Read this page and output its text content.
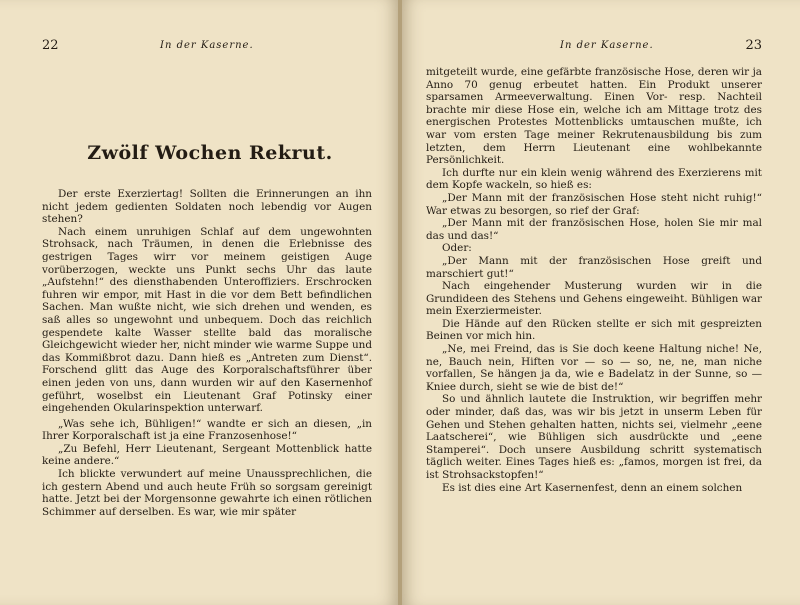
22	In der Kaserne.
Zwölf Wochen Rekrut.

Der erste Exerziertag! Sollten die Erinnerungen an ihn nicht jedem gedienten Soldaten noch lebendig vor Augen stehen?

Nach einem unruhigen Schlaf auf dem ungewohnten Strohsack, nach Träumen, in denen die Erlebnisse des gestrigen Tages wirr vor meinem geistigen Auge vorüberzogen, weckte uns Punkt sechs Uhr das laute „Aufstehn!“ des diensthabenden Unteroffiziers. Erschrocken fuhren wir empor, mit Hast in die vor dem Bett befindlichen Sachen. Man wußte nicht, wie sich drehen und wenden, es saß alles so ungewohnt und unbequem. Doch das reichlich gespendete kalte Wasser stellte bald das moralische Gleichgewicht wieder her, nicht minder wie warme Suppe und das Kommißbrot dazu. Dann hieß es „Antreten zum Dienst“. Forschend glitt das Auge des Korporalschaftsführer über einen jeden von uns, dann wurden wir auf den Kasernenhof geführt, woselbst ein Lieutenant Graf Potinsky einer eingehenden Okularinspektion unterwarf.

„Was sehe ich, Bühligen!“ wandte er sich an diesen, „in Ihrer Korporalschaft ist ja eine Franzosenhose!“

„Zu Befehl, Herr Lieutenant, Sergeant Mottenblick hatte keine andere.“

Ich blickte verwundert auf meine Unaussprechlichen, die ich gestern Abend und auch heute Früh so sorgsam gereinigt hatte. Jetzt bei der Morgensonne gewahrte ich einen rötlichen Schimmer auf derselben. Es war, wie mir später

In der Kaserne.	23

mitgeteilt wurde, eine gefärbte französische Hose, deren wir ja Anno 70 genug erbeutet hatten. Ein Produkt unserer sparsamen Armeeverwaltung. Einen Vor- resp. Nachteil brachte mir diese Hose ein, welche ich am Mittage trotz des energischen Protestes Mottenblicks umtauschen mußte, ich war vom ersten Tage meiner Rekrutenausbildung bis zum letzten, dem Herrn Lieutenant eine wohlbekannte Persönlichkeit.

Ich durfte nur ein klein wenig während des Exerzierens mit dem Kopfe wackeln, so hieß es:

„Der Mann mit der französischen Hose steht nicht ruhig!“ War etwas zu besorgen, so rief der Graf:

„Der Mann mit der französischen Hose, holen Sie mir mal das und das!“

Oder:

„Der Mann mit der französischen Hose greift und marschiert gut!“

Nach eingehender Musterung wurden wir in die Grundideen des Stehens und Gehens eingeweiht. Bühligen war mein Exerziermeister.

Die Hände auf den Rücken stellte er sich mit gespreizten Beinen vor mich hin.

„Ne, mei Freind, das is Sie doch keene Haltung niche! Ne, ne, Bauch nein, Hiften vor — so — so, ne, ne, man niche vorfallen, Se hängen ja da, wie e Badelatz in der Sunne, so — Kniee durch, sieht se wie de bist de!“

So und ähnlich lautete die Instruktion, wir begriffen mehr oder minder, daß das, was wir bis jetzt in unserm Leben für Gehen und Stehen gehalten hatten, nichts sei, vielmehr „eene Laatscherei“, wie Bühligen sich ausdrückte und „eene Stamperei“. Doch unsere Ausbildung schritt systematisch täglich weiter. Eines Tages hieß es: „famos, morgen ist frei, da ist Strohsackstopfen!“

Es ist dies eine Art Kasernenfest, denn an einem solchen
